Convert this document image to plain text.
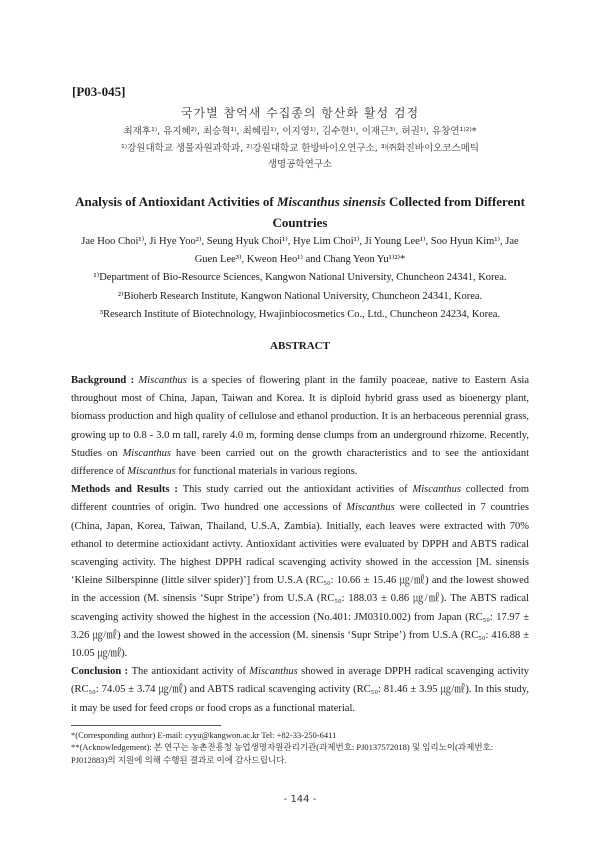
[P03-045]
국가별 참억새 수집종의 항산화 활성 검정
최재후¹⁾, 유지혜²⁾, 최승혁¹⁾, 최혜림¹⁾, 이지영¹⁾, 김수현¹⁾, 이재근³⁾, 허권¹⁾, 유창연¹⁾²⁾*
¹⁾강원대학교 생물자원과학과, ²⁾강원대학교 한방바이오연구소, ³⁾㈜화진바이오코스메틱
생명공학연구소
Analysis of Antioxidant Activities of Miscanthus sinensis Collected from Different Countries
Jae Hoo Choi¹⁾, Ji Hye Yoo²⁾, Seung Hyuk Choi¹⁾, Hye Lim Choi¹⁾, Ji Young Lee¹⁾, Soo Hyun Kim¹⁾, Jae Guen Lee³⁾, Kweon Heo¹⁾ and Chang Yeon Yu¹⁾²⁾*
¹⁾Department of Bio-Resource Sciences, Kangwon National University, Chuncheon 24341, Korea.
²⁾Bioherb Research Institute, Kangwon National University, Chuncheon 24341, Korea.
³Research Institute of Biotechnology, Hwajinbiocosmetics Co., Ltd., Chuncheon 24234, Korea.
ABSTRACT

Background : Miscanthus is a species of flowering plant in the family poaceae, native to Eastern Asia throughout most of China, Japan, Taiwan and Korea. It is diploid hybrid grass used as bioenergy plant, biomass production and high quality of cellulose and ethanol production. It is an herbaceous perennial grass, growing up to 0.8 - 3.0 m tall, rarely 4.0 m, forming dense clumps from an underground rhizome. Recently, Studies on Miscanthus have been carried out on the growth characteristics and to see the antioxidant difference of Miscanthus for functional materials in various regions.

Methods and Results : This study carried out the antioxidant activities of Miscanthus collected from different countries of origin. Two hundred one accessions of Miscanthus were collected in 7 countries (China, Japan, Korea, Taiwan, Thailand, U.S.A, Zambia). Initially, each leaves were extracted with 70% ethanol to determine actioxidant activty. Antioxidant activities were evaluated by DPPH and ABTS radical scavenging activity. The highest DPPH radical scavenging activity showed in the accession [M. sinensis ‘Kleine Silberspinne (little silver spider)’] from U.S.A (RC₅₀: 10.66 ± 15.46 ㎍/㎖) and the lowest showed in the accession (M. sinensis ‘Supr Stripe’) from U.S.A (RC₅₀: 188.03 ± 0.86 ㎍/㎖). The ABTS radical scavenging activity showed the highest in the accession (No.401: JM0310.002) from Japan (RC₅₀: 17.97 ± 3.26 ㎍/㎖) and the lowest showed in the accession (M. sinensis ‘Supr Stripe’) from U.S.A (RC₅₀: 416.88 ± 10.05 ㎍/㎖).

Conclusion : The antioxidant activity of Miscanthus showed in average DPPH radical scavenging activity (RC₅₀: 74.05 ± 3.74 ㎍/㎖) and ABTS radical scavenging activity (RC₅₀: 81.46 ± 3.95 ㎍/㎖). In this study, it may be used for feed crops or food crops as a functional material.

*(Corresponding author) E-mail: cyyu@kangwon.ac.kr Tel: +82-33-250-6411
**(Acknowledgement): 본 연구는 농촌진흥청 농업생명자원관리기관(과제번호: PJ0137572018) 및 임리노이(과제번호: PJ012883)의 지원에 의해 수행된 결과로 이에 감사드립니다.
- 144 -
